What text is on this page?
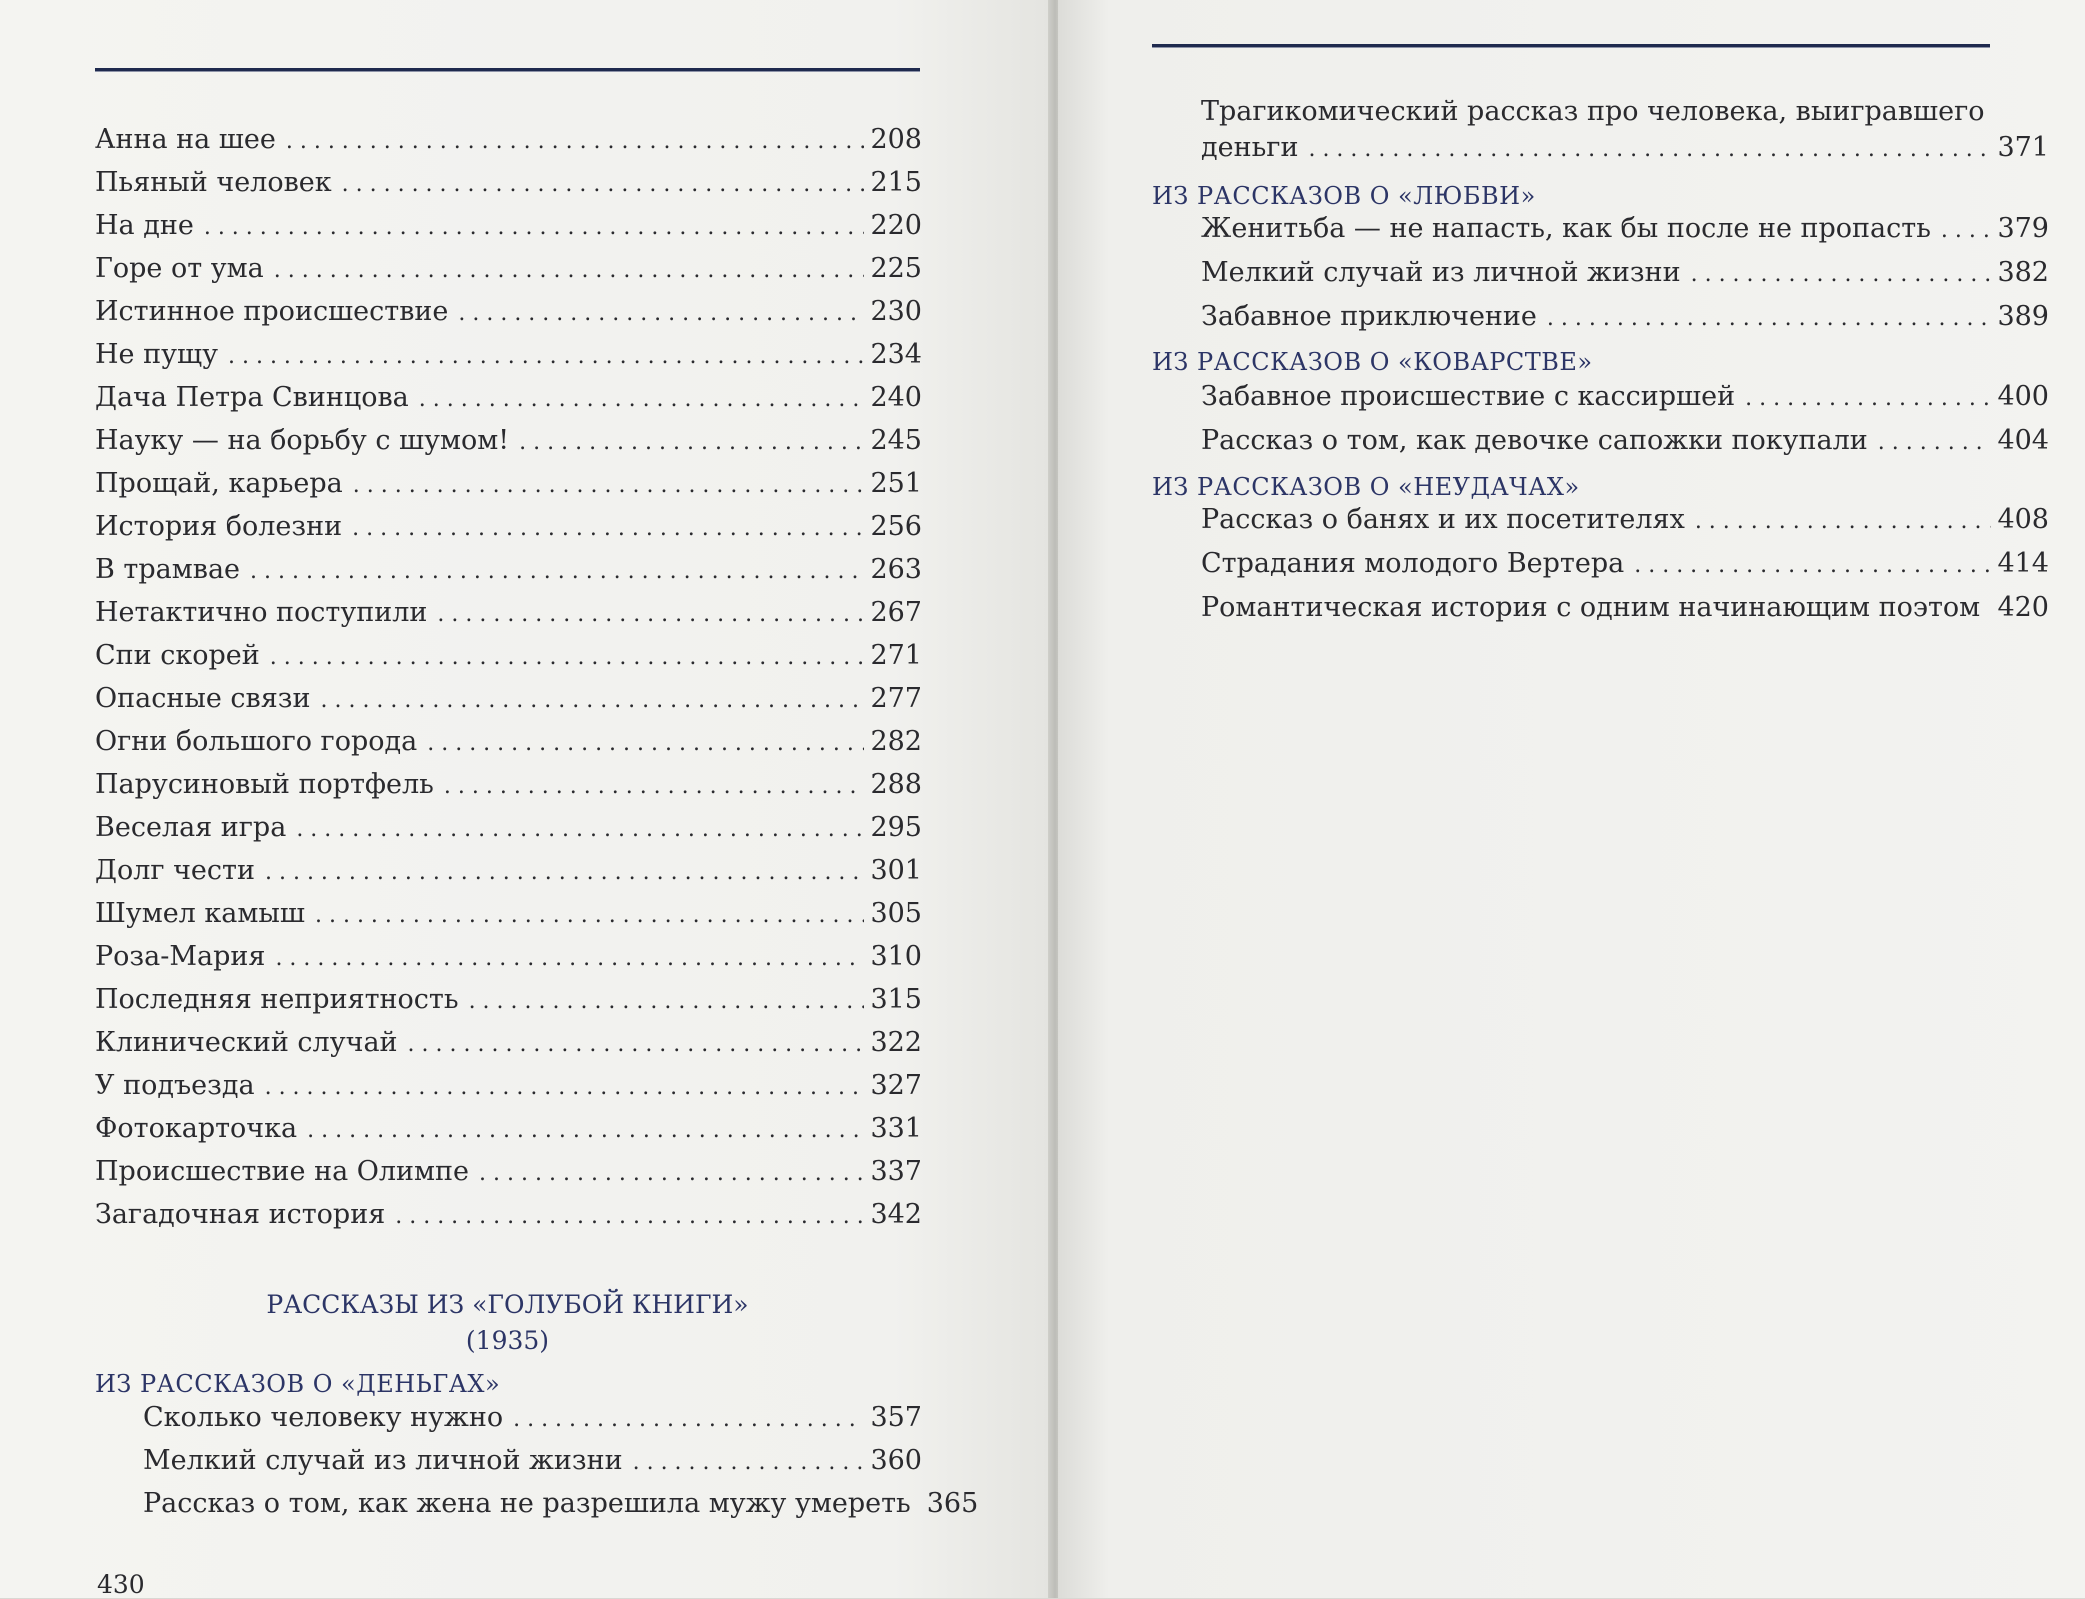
Анна на шее . . .	208
Пьяный человек . . .	215
На дне . . .	220
Горе от ума . . .	225
Истинное происшествие . . .	230
Не пущу . . .	234
Дача Петра Свинцова . . .	240
Науку — на борьбу с шумом! . . .	245
Прощай, карьера . . .	251
История болезни . . .	256
В трамвае . . .	263
Нетактично поступили . . .	267
Спи скорей . . .	271
Опасные связи . . .	277
Огни большого города . . .	282
Парусиновый портфель . . .	288
Веселая игра . . .	295
Долг чести . . .	301
Шумел камыш . . .	305
Роза-Мария . . .	310
Последняя неприятность . . .	315
Клинический случай . . .	322
У подъезда . . .	327
Фотокарточка . . .	331
Происшествие на Олимпе . . .	337
Загадочная история . . .	342
РАССКАЗЫ ИЗ «ГОЛУБОЙ КНИГИ»
(1935)
ИЗ РАССКАЗОВ О «ДЕНЬГАХ»
Сколько человеку нужно . . .	357
Мелкий случай из личной жизни . . .	360
Рассказ о том, как жена не разрешила мужу умереть 365
430
Трагикомический рассказ про человека, выигравшего
деньги . . .	371
ИЗ РАССКАЗОВ О «ЛЮБВИ»
Женитьба — не напасть, как бы после не пропасть . . .	379
Мелкий случай из личной жизни . . .	382
Забавное приключение . . .	389
ИЗ РАССКАЗОВ О «КОВАРСТВЕ»
Забавное происшествие с кассиршей . . .	400
Рассказ о том, как девочке сапожки покупали . . .	404
ИЗ РАССКАЗОВ О «НЕУДАЧАХ»
Рассказ о банях и их посетителях . . .	408
Страдания молодого Вертера . . .	414
Романтическая история с одним начинающим поэтом . . . 420
